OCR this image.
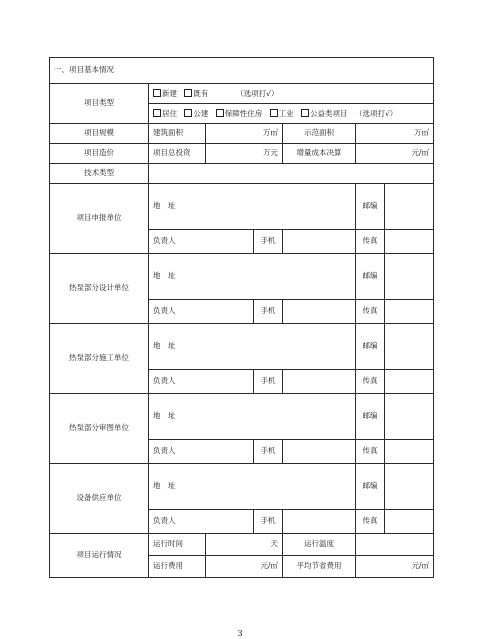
一、项目基本情况						
项目类型	新建 既有 （选项打√）					
	居住 公建 保障性住房 工业 公益类项目 （选项打√）					
项目规模	建筑面积	万㎡		示范面积	万㎡	
项目造价	项目总投资	万元		增量成本决算	元/㎡	
技术类型						
项目申报单位	地　址				邮编	
	负责人		手机		传真	
热泵部分设计单位	地　址				邮编	
	负责人		手机		传真	
热泵部分施工单位	地　址				邮编	
	负责人		手机		传真	
热泵部分审图单位	地　址				邮编	
	负责人		手机		传真	
设备供应单位	地　址				邮编	
	负责人		手机		传真	
项目运行情况	运行时间	天		运行温度		
	运行费用	元/㎡		平均节省费用	元/㎡	
3
